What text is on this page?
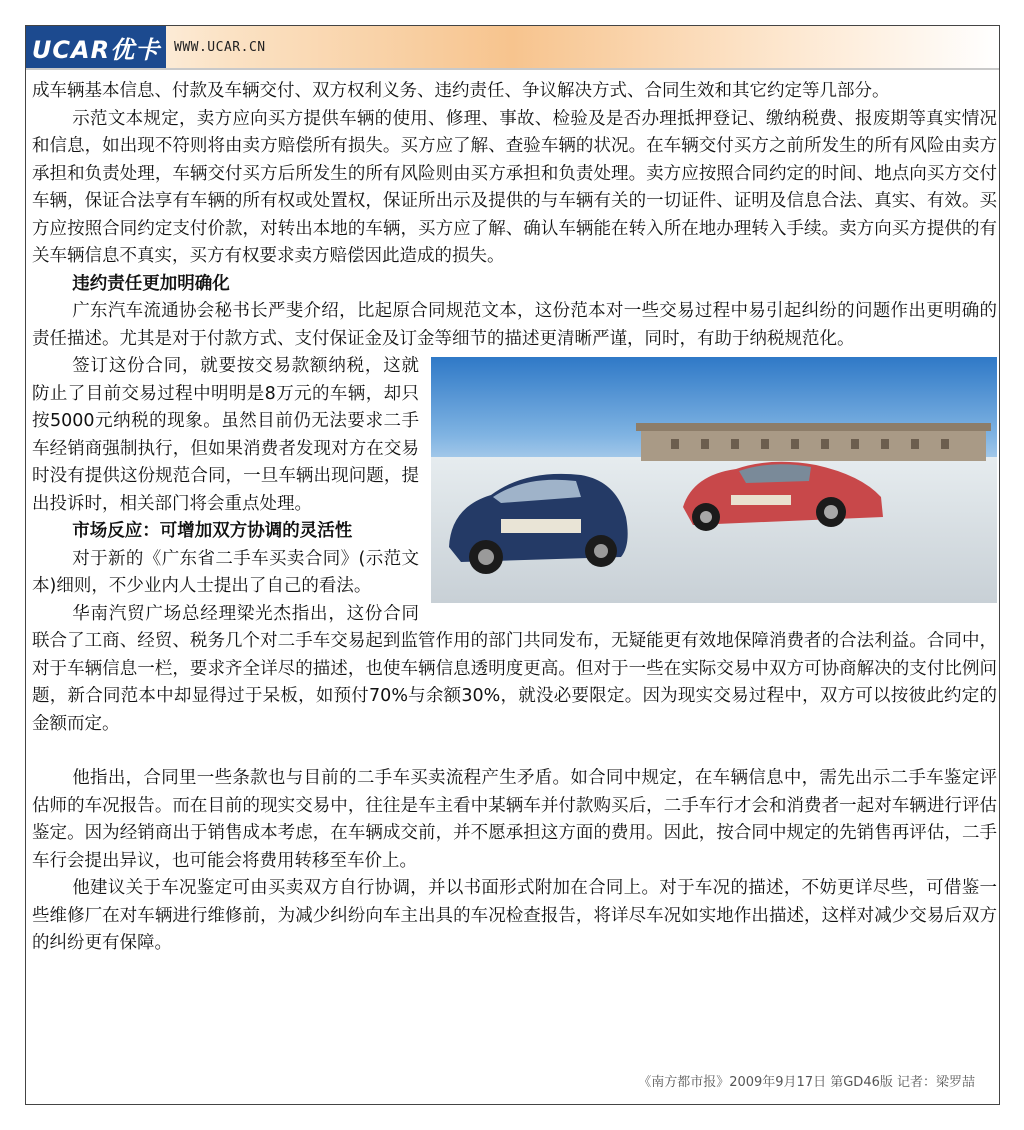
UCAR优卡 WWW.UCAR.CN

成车辆基本信息、付款及车辆交付、双方权利义务、违约责任、争议解决方式、合同生效和其它约定等几部分。

示范文本规定，卖方应向买方提供车辆的使用、修理、事故、检验及是否办理抵押登记、缴纳税费、报废期等真实情况和信息，如出现不符则将由卖方赔偿所有损失。买方应了解、查验车辆的状况。在车辆交付买方之前所发生的所有风险由卖方承担和负责处理，车辆交付买方后所发生的所有风险则由买方承担和负责处理。卖方应按照合同约定的时间、地点向买方交付车辆，保证合法享有车辆的所有权或处置权，保证所出示及提供的与车辆有关的一切证件、证明及信息合法、真实、有效。买方应按照合同约定支付价款，对转出本地的车辆，买方应了解、确认车辆能在转入所在地办理转入手续。卖方向买方提供的有关车辆信息不真实，买方有权要求卖方赔偿因此造成的损失。

违约责任更加明确化

广东汽车流通协会秘书长严斐介绍，比起原合同规范文本，这份范本对一些交易过程中易引起纠纷的问题作出更明确的责任描述。尤其是对于付款方式、支付保证金及订金等细节的描述更清晰严谨，同时，有助于纳税规范化。

签订这份合同，就要按交易款额纳税，这就防止了目前交易过程中明明是8万元的车辆，却只按5000元纳税的现象。虽然目前仍无法要求二手车经销商强制执行，但如果消费者发现对方在交易时没有提供这份规范合同，一旦车辆出现问题，提出投诉时，相关部门将会重点处理。

市场反应：可增加双方协调的灵活性

对于新的《广东省二手车买卖合同》(示范文本)细则，不少业内人士提出了自己的看法。

华南汽贸广场总经理梁光杰指出，这份合同联合了工商、经贸、税务几个对二手车交易起到监管作用的部门共同发布，无疑能更有效地保障消费者的合法利益。合同中，对于车辆信息一栏，要求齐全详尽的描述，也使车辆信息透明度更高。但对于一些在实际交易中双方可协商解决的支付比例问题，新合同范本中却显得过于呆板，如预付70%与余额30%，就没必要限定。因为现实交易过程中，双方可以按彼此约定的金额而定。

他指出，合同里一些条款也与目前的二手车买卖流程产生矛盾。如合同中规定，在车辆信息中，需先出示二手车鉴定评估师的车况报告。而在目前的现实交易中，往往是车主看中某辆车并付款购买后，二手车行才会和消费者一起对车辆进行评估鉴定。因为经销商出于销售成本考虑，在车辆成交前，并不愿承担这方面的费用。因此，按合同中规定的先销售再评估，二手车行会提出异议，也可能会将费用转移至车价上。

他建议关于车况鉴定可由买卖双方自行协调，并以书面形式附加在合同上。对于车况的描述，不妨更详尽些，可借鉴一些维修厂在对车辆进行维修前，为减少纠纷向车主出具的车况检查报告，将详尽车况如实地作出描述，这样对减少交易后双方的纠纷更有保障。

《南方都市报》2009年9月17日 第GD46版 记者：梁罗喆
